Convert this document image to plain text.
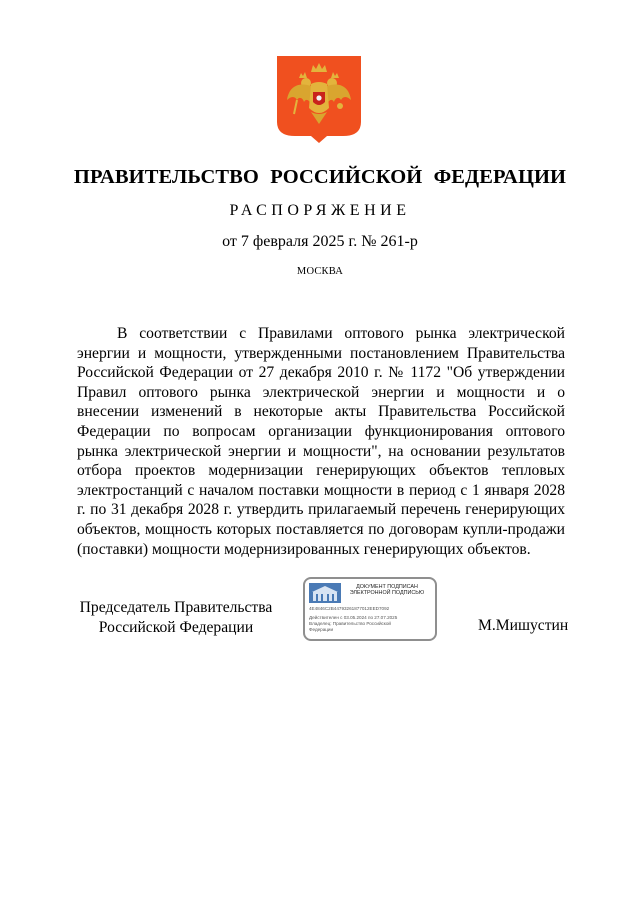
ПРАВИТЕЛЬСТВО РОССИЙСКОЙ ФЕДЕРАЦИИ
РАСПОРЯЖЕНИЕ
от 7 февраля 2025 г. № 261-р
МОСКВА

В соответствии с Правилами оптового рынка электрической энергии и мощности, утвержденными постановлением Правительства Российской Федерации от 27 декабря 2010 г. № 1172 "Об утверждении Правил оптового рынка электрической энергии и мощности и о внесении изменений в некоторые акты Правительства Российской Федерации по вопросам организации функционирования оптового рынка электрической энергии и мощности", на основании результатов отбора проектов модернизации генерирующих объектов тепловых электростанций с началом поставки мощности в период с 1 января 2028 г. по 31 декабря 2028 г. утвердить прилагаемый перечень генерирующих объектов, мощность которых поставляется по договорам купли-продажи (поставки) мощности модернизированных генерирующих объектов.

Председатель Правительства
Российской Федерации	М.Мишустин
ДОКУМЕНТ ПОДПИСАН
ЭЛЕКТРОННОЙ ПОДПИСЬЮ
4E4846C2B44793261877012EED7092
Действителен с 03.05.2024 по 27.07.2025
Владелец: Правительство Российской
Федерации
